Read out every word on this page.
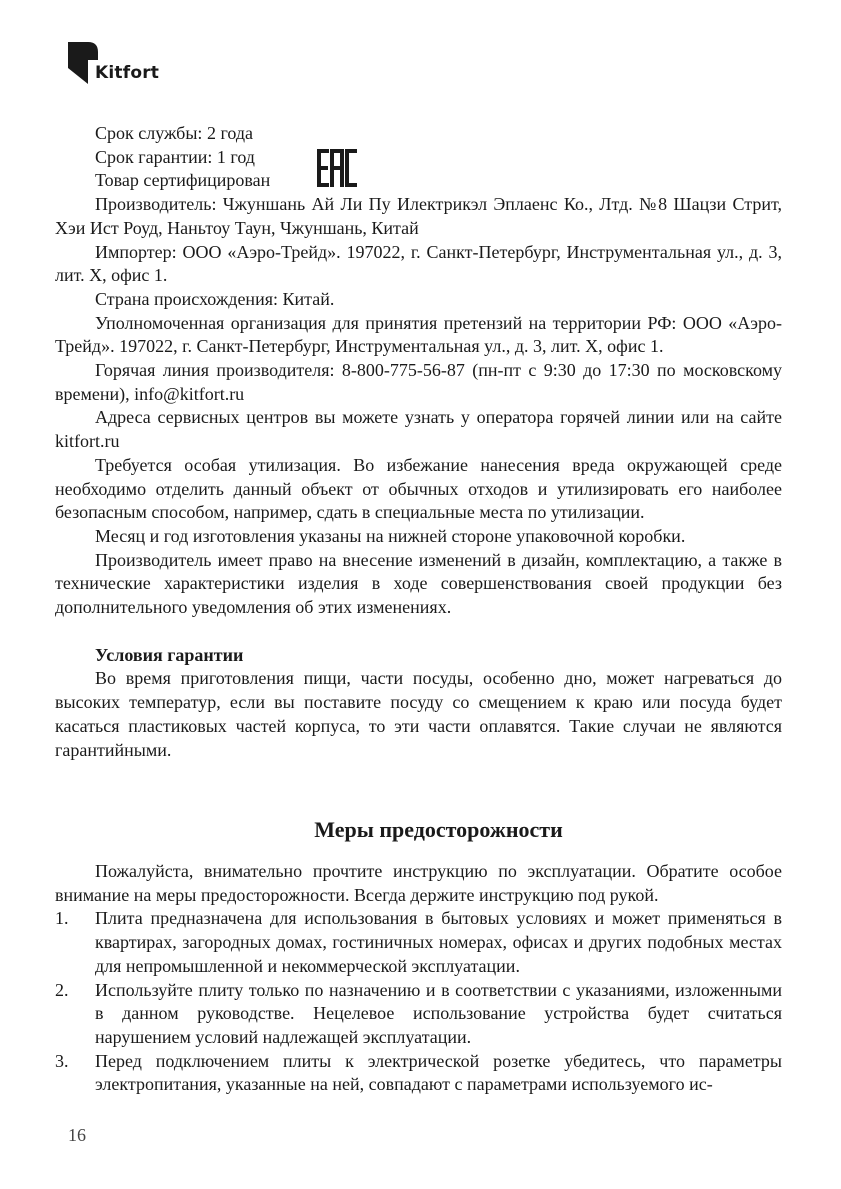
Kitfort

Срок службы: 2 года

Срок гарантии: 1 год

Товар сертифицирован

Производитель: Чжуншань Ай Ли Пу Илектрикэл Эплаенс Ко., Лтд. №8 Шацзи Стрит, Хэи Ист Роуд, Наньтоу Таун, Чжуншань, Китай

Импортер: ООО «Аэро-Трейд». 197022, г. Санкт-Петербург, Инструментальная ул., д. 3, лит. Х, офис 1.

Страна происхождения: Китай.

Уполномоченная организация для принятия претензий на территории РФ: ООО «Аэро-Трейд». 197022, г. Санкт-Петербург, Инструментальная ул., д. 3, лит. Х, офис 1.

Горячая линия производителя: 8-800-775-56-87 (пн-пт с 9:30 до 17:30 по московскому времени), info@kitfort.ru

Адреса сервисных центров вы можете узнать у оператора горячей линии или на сайте kitfort.ru

Требуется особая утилизация. Во избежание нанесения вреда окружающей среде необходимо отделить данный объект от обычных отходов и утилизировать его наиболее безопасным способом, например, сдать в специальные места по утилизации.

Месяц и год изготовления указаны на нижней стороне упаковочной коробки.

Производитель имеет право на внесение изменений в дизайн, комплектацию, а также в технические характеристики изделия в ходе совершенствования своей продукции без дополнительного уведомления об этих изменениях.

Условия гарантии

Во время приготовления пищи, части посуды, особенно дно, может нагреваться до высоких температур, если вы поставите посуду со смещением к краю или посуда будет касаться пластиковых частей корпуса, то эти части оплавятся. Такие случаи не являются гарантийными.

Меры предосторожности

Пожалуйста, внимательно прочтите инструкцию по эксплуатации. Обратите особое внимание на меры предосторожности. Всегда держите инструкцию под рукой.

1.	Плита предназначена для использования в бытовых условиях и может применяться в квартирах, загородных домах, гостиничных номерах, офисах и других подобных местах для непромышленной и некоммерческой эксплуатации.
2.	Используйте плиту только по назначению и в соответствии с указаниями, изложенными в данном руководстве. Нецелевое использование устройства будет считаться нарушением условий надлежащей эксплуатации.
3.	Перед подключением плиты к электрической розетке убедитесь, что параметры электропитания, указанные на ней, совпадают с параметрами используемого ис-
16
